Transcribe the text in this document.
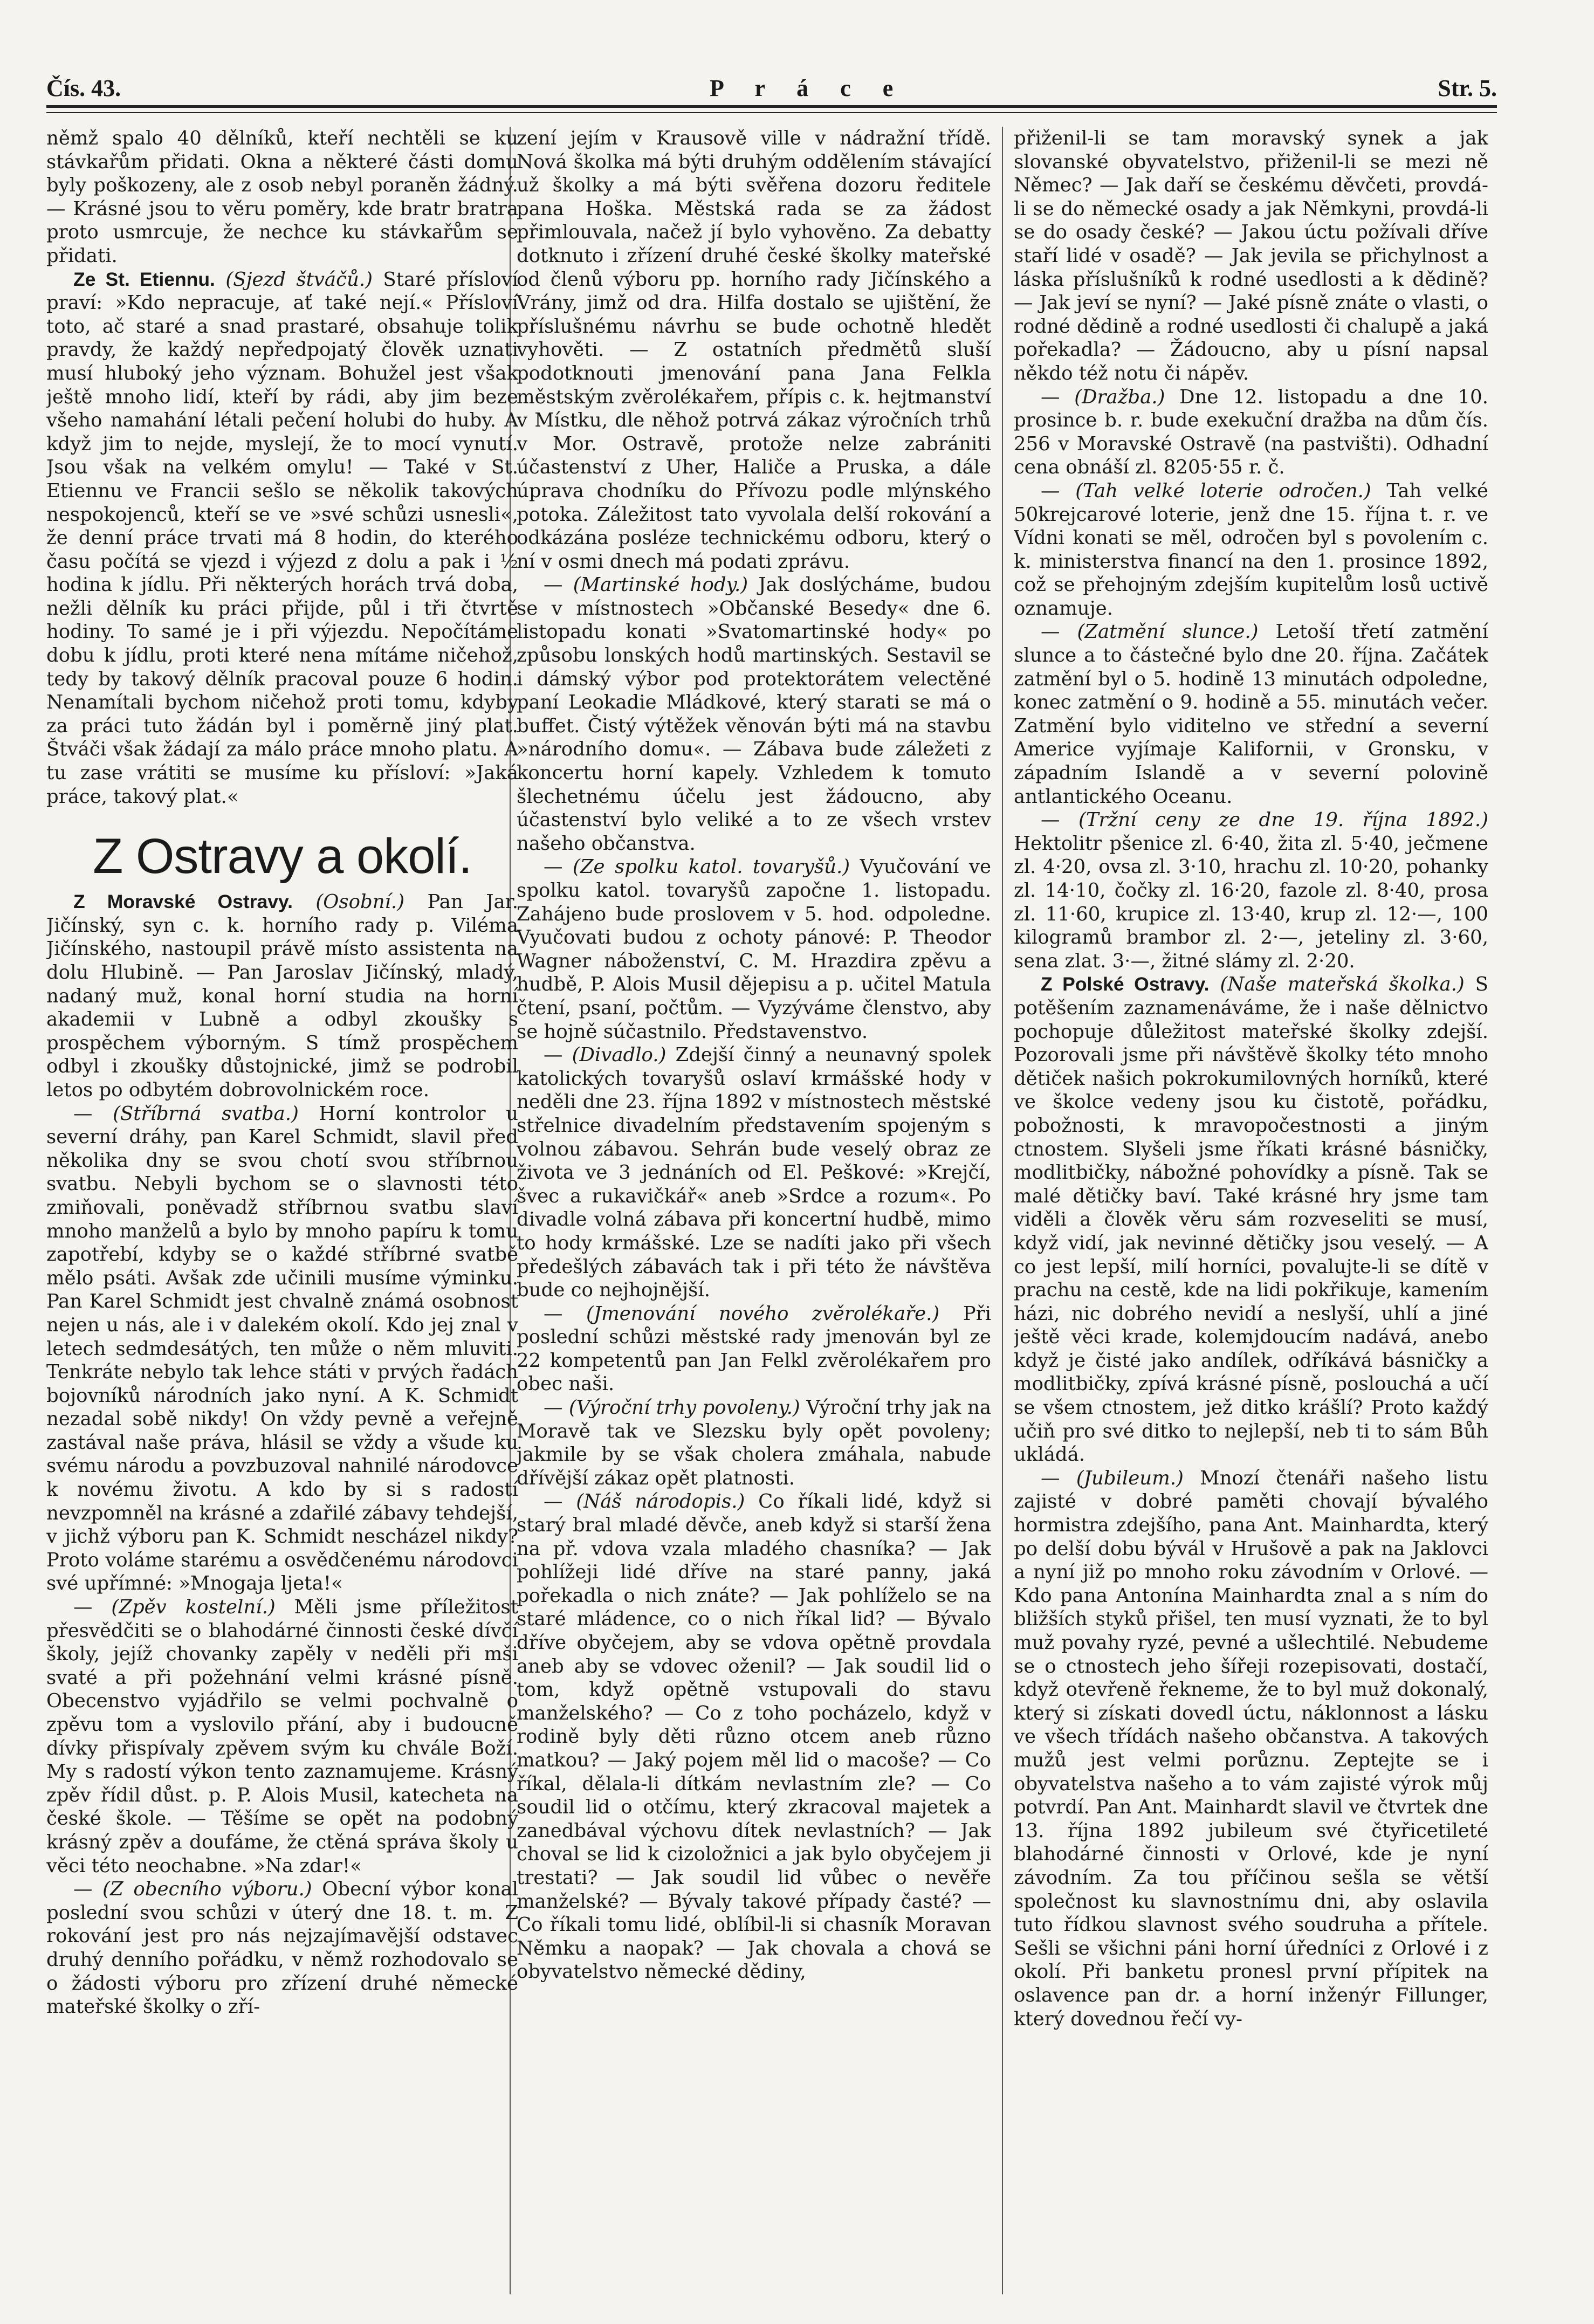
Čís. 43.	P r á c e	Str. 5.

němž spalo 40 dělníků, kteří nechtěli se ku stávkařům přidati. Okna a některé části domu byly poškozeny, ale z osob nebyl poraněn žádný. — Krásné jsou to věru poměry, kde bratr bratra proto usmrcuje, že nechce ku stávkařům se přidati.

Ze St. Etiennu. (Sjezd štváčů.) Staré přísloví praví: »Kdo nepracuje, ať také nejí.« Přísloví toto, ač staré a snad prastaré, obsahuje tolik pravdy, že každý nepředpojatý člověk uznati musí hluboký jeho význam. Bohužel jest však ještě mnoho lidí, kteří by rádi, aby jim beze všeho namahání létali pečení holubi do huby. A když jim to nejde, myslejí, že to mocí vynutí. Jsou však na velkém omylu! — Také v St. Etiennu ve Francii sešlo se několik takových nespokojenců, kteří se ve »své schůzi usnesli«, že denní práce trvati má 8 hodin, do kterého času počítá se vjezd i výjezd z dolu a pak i ½ hodina k jídlu. Při některých horách trvá doba, nežli dělník ku práci přijde, půl i tři čtvrtě hodiny. To samé je i při výjezdu. Nepočítáme dobu k jídlu, proti které nena mítáme ničehož, tedy by takový dělník pracoval pouze 6 hodin. Nenamítali bychom ničehož proti tomu, kdyby za práci tuto žádán byl i poměrně jiný plat. Štváči však žádají za málo práce mnoho platu. A tu zase vrátiti se musíme ku přísloví: »Jaká práce, takový plat.«

Z Ostravy a okolí.

Z Moravské Ostravy. (Osobní.) Pan Jar. Jičínský, syn c. k. horního rady p. Viléma Jičínského, nastoupil právě místo assistenta na dolu Hlubině. — Pan Jaroslav Jičínský, mladý, nadaný muž, konal horní studia na horní akademii v Lubně a odbyl zkoušky s prospěchem výborným. S tímž prospěchem odbyl i zkoušky důstojnické, jimž se podrobil letos po odbytém dobrovolnickém roce.

— (Stříbrná svatba.) Horní kontrolor u severní dráhy, pan Karel Schmidt, slavil před několika dny se svou chotí svou stříbrnou svatbu. Nebyli bychom se o slavnosti této zmiňovali, poněvadž stříbrnou svatbu slaví mnoho manželů a bylo by mnoho papíru k tomu zapotřebí, kdyby se o každé stříbrné svatbě mělo psáti. Avšak zde učinili musíme výminku. Pan Karel Schmidt jest chvalně známá osobnost nejen u nás, ale i v dalekém okolí. Kdo jej znal v letech sedmdesátých, ten může o něm mluviti. Tenkráte nebylo tak lehce státi v prvých řadách bojovníků národních jako nyní. A K. Schmidt nezadal sobě nikdy! On vždy pevně a veřejně zastával naše práva, hlásil se vždy a všude ku svému národu a povzbuzoval nahnilé národovce k novému životu. A kdo by si s radostí nevzpomněl na krásné a zdařilé zábavy tehdejší, v jichž výboru pan K. Schmidt nescházel nikdy? Proto voláme starému a osvědčenému národovci své upřímné: »Mnogaja ljeta!«

— (Zpěv kostelní.) Měli jsme příležitost přesvědčiti se o blahodárné činnosti české dívčí školy, jejíž chovanky zapěly v neděli při mši svaté a při požehnání velmi krásné písně. Obecenstvo vyjádřilo se velmi pochvalně o zpěvu tom a vyslovilo přání, aby i budoucně dívky přispívaly zpěvem svým ku chvále Boží. My s radostí výkon tento zaznamujeme. Krásný zpěv řídil důst. p. P. Alois Musil, katecheta na české škole. — Těšíme se opět na podobný krásný zpěv a doufáme, že ctěná správa školy u věci této neochabne. »Na zdar!«

— (Z obecního výboru.) Obecní výbor konal poslední svou schůzi v úterý dne 18. t. m. Z rokování jest pro nás nejzajímavější odstavec druhý denního pořádku, v němž rozhodovalo se o žádosti výboru pro zřízení druhé německé mateřské školky o zří-

zení jejím v Krausově ville v nádražní třídě. Nová školka má býti druhým oddělením stávající už školky a má býti svěřena dozoru ředitele pana Hoška. Městská rada se za žádost přimlouvala, načež jí bylo vyhověno. Za debatty dotknuto i zřízení druhé české školky mateřské od členů výboru pp. horního rady Jičínského a Vrány, jimž od dra. Hilfa dostalo se ujištění, že příslušnému návrhu se bude ochotně hledět vyhověti. — Z ostatních předmětů sluší podotknouti jmenování pana Jana Felkla městským zvěrolékařem, přípis c. k. hejtmanství v Místku, dle něhož potrvá zákaz výročních trhů v Mor. Ostravě, protože nelze zabrániti účastenství z Uher, Haliče a Pruska, a dále úprava chodníku do Přívozu podle mlýnského potoka. Záležitost tato vyvolala delší rokování a odkázána posléze technickému odboru, který o ní v osmi dnech má podati zprávu.

— (Martinské hody.) Jak doslýcháme, budou se v místnostech »Občanské Besedy« dne 6. listopadu konati »Svatomartinské hody« po způsobu lonských hodů martinských. Sestavil se i dámský výbor pod protektorátem velectěné paní Leokadie Mládkové, který starati se má o buffet. Čistý výtěžek věnován býti má na stavbu »národního domu«. — Zábava bude záležeti z koncertu horní kapely. Vzhledem k tomuto šlechetnému účelu jest žádoucno, aby účastenství bylo veliké a to ze všech vrstev našeho občanstva.

— (Ze spolku katol. tovaryšů.) Vyučování ve spolku katol. tovaryšů započne 1. listopadu. Zahájeno bude proslovem v 5. hod. odpoledne. Vyučovati budou z ochoty pánové: P. Theodor Wagner náboženství, C. M. Hrazdira zpěvu a hudbě, P. Alois Musil dějepisu a p. učitel Matula čtení, psaní, počtům. — Vyzýváme členstvo, aby se hojně súčastnilo. Představenstvo.

— (Divadlo.) Zdejší činný a neunavný spolek katolických tovaryšů oslaví krmášské hody v neděli dne 23. října 1892 v místnostech městské střelnice divadelním představením spojeným s volnou zábavou. Sehrán bude veselý obraz ze života ve 3 jednáních od El. Peškové: »Krejčí, švec a rukavičkář« aneb »Srdce a rozum«. Po divadle volná zábava při koncertní hudbě, mimo to hody krmášské. Lze se nadíti jako při všech předešlých zábavách tak i při této že návštěva bude co nejhojnější.

— (Jmenování nového zvěrolékaře.) Při poslední schůzi městské rady jmenován byl ze 22 kompetentů pan Jan Felkl zvěrolékařem pro obec naši.

— (Výroční trhy povoleny.) Výroční trhy jak na Moravě tak ve Slezsku byly opět povoleny; jakmile by se však cholera zmáhala, nabude dřívější zákaz opět platnosti.

— (Náš národopis.) Co říkali lidé, když si starý bral mladé děvče, aneb když si starší žena na př. vdova vzala mladého chasníka? — Jak pohlížeji lidé dříve na staré panny, jaká pořekadla o nich znáte? — Jak pohlíželo se na staré mládence, co o nich říkal lid? — Bývalo dříve obyčejem, aby se vdova opětně provdala aneb aby se vdovec oženil? — Jak soudil lid o tom, když opětně vstupovali do stavu manželského? — Co z toho pocházelo, když v rodině byly děti různo otcem aneb různo matkou? — Jaký pojem měl lid o macoše? — Co říkal, dělala-li dítkám nevlastním zle? — Co soudil lid o otčímu, který zkracoval majetek a zanedbával výchovu dítek nevlastních? — Jak choval se lid k cizoložnici a jak bylo obyčejem ji trestati? — Jak soudil lid vůbec o nevěře manželské? — Bývaly takové případy časté? — Co říkali tomu lidé, oblíbil-li si chasník Moravan Němku a naopak? — Jak chovala a chová se obyvatelstvo německé dědiny,

přiženil-li se tam moravský synek a jak slovanské obyvatelstvo, přiženil-li se mezi ně Němec? — Jak daří se českému děvčeti, provdá-li se do německé osady a jak Němkyni, provdá-li se do osady české? — Jakou úctu požívali dříve staří lidé v osadě? — Jak jevila se přichylnost a láska příslušníků k rodné usedlosti a k dědině? — Jak jeví se nyní? — Jaké písně znáte o vlasti, o rodné dědině a rodné usedlosti či chalupě a jaká pořekadla? — Žádoucno, aby u písní napsal někdo též notu či nápěv.

— (Dražba.) Dne 12. listopadu a dne 10. prosince b. r. bude exekuční dražba na dům čís. 256 v Moravské Ostravě (na pastvišti). Odhadní cena obnáší zl. 8205·55 r. č.

— (Tah velké loterie odročen.) Tah velké 50krejcarové loterie, jenž dne 15. října t. r. ve Vídni konati se měl, odročen byl s povolením c. k. ministerstva financí na den 1. prosince 1892, což se přehojným zdejším kupitelům losů uctivě oznamuje.

— (Zatmění slunce.) Letoší třetí zatmění slunce a to částečné bylo dne 20. října. Začátek zatmění byl o 5. hodině 13 minutách odpoledne, konec zatmění o 9. hodině a 55. minutách večer. Zatmění bylo viditelno ve střední a severní Americe vyjímaje Kalifornii, v Gronsku, v západním Islandě a v severní polovině antlantického Oceanu.

— (Tržní ceny ze dne 19. října 1892.) Hektolitr pšenice zl. 6·40, žita zl. 5·40, ječmene zl. 4·20, ovsa zl. 3·10, hrachu zl. 10·20, pohanky zl. 14·10, čočky zl. 16·20, fazole zl. 8·40, prosa zl. 11·60, krupice zl. 13·40, krup zl. 12·—, 100 kilogramů brambor zl. 2·—, jeteliny zl. 3·60, sena zlat. 3·—, žitné slámy zl. 2·20.

Z Polské Ostravy. (Naše mateřská školka.) S potěšením zaznamenáváme, že i naše dělnictvo pochopuje důležitost mateřské školky zdejší. Pozorovali jsme při návštěvě školky této mnoho dětiček našich pokrokumilovných horníků, které ve školce vedeny jsou ku čistotě, pořádku, pobožnosti, k mravopočestnosti a jiným ctnostem. Slyšeli jsme říkati krásné básničky, modlitbičky, nábožné pohovídky a písně. Tak se malé dětičky baví. Také krásné hry jsme tam viděli a člověk věru sám rozveseliti se musí, když vidí, jak nevinné dětičky jsou veselý. — A co jest lepší, milí horníci, povalujte-li se dítě v prachu na cestě, kde na lidi pokřikuje, kamením házi, nic dobrého nevidí a neslyší, uhlí a jiné ještě věci krade, kolemjdoucím nadává, anebo když je čisté jako andílek, odříkává básničky a modlitbičky, zpívá krásné písně, poslouchá a učí se všem ctnostem, jež ditko krášlí? Proto každý učiň pro své ditko to nejlepší, neb ti to sám Bůh ukládá.

— (Jubileum.) Mnozí čtenáři našeho listu zajisté v dobré paměti chovají bývalého hormistra zdejšího, pana Ant. Mainhardta, který po delší dobu bývál v Hrušově a pak na Jaklovci a nyní již po mnoho roku závodním v Orlové. — Kdo pana Antonína Mainhardta znal a s ním do bližších styků přišel, ten musí vyznati, že to byl muž povahy ryzé, pevné a ušlechtilé. Nebudeme se o ctnostech jeho šířeji rozepisovati, dostačí, když otevřeně řekneme, že to byl muž dokonalý, který si získati dovedl úctu, náklonnost a lásku ve všech třídách našeho občanstva. A takových mužů jest velmi porůznu. Zeptejte se i obyvatelstva našeho a to vám zajisté výrok můj potvrdí. Pan Ant. Mainhardt slavil ve čtvrtek dne 13. října 1892 jubileum své čtyřicetileté blahodárné činnosti v Orlové, kde je nyní závodním. Za tou příčinou sešla se větší společnost ku slavnostnímu dni, aby oslavila tuto řídkou slavnost svého soudruha a přítele. Sešli se všichni páni horní úředníci z Orlové i z okolí. Při banketu pronesl první přípitek na oslavence pan dr. a horní inženýr Fillunger, který dovednou řečí vy-
